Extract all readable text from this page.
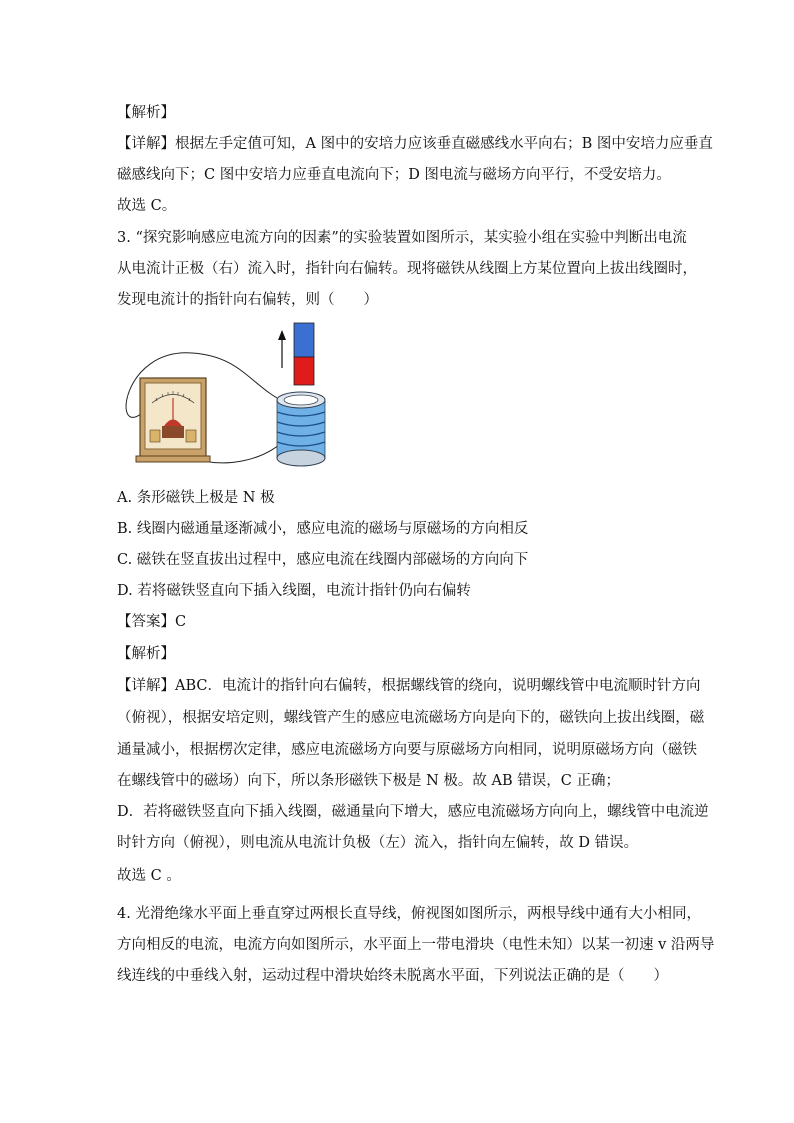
【解析】
【详解】根据左手定值可知，A 图中的安培力应该垂直磁感线水平向右；B 图中安培力应垂直
磁感线向下；C 图中安培力应垂直电流向下；D 图电流与磁场方向平行，不受安培力。
故选 C。
3. “探究影响感应电流方向的因素”的实验装置如图所示，某实验小组在实验中判断出电流
从电流计正极（右）流入时，指针向右偏转。现将磁铁从线圈上方某位置向上拔出线圈时，
发现电流计的指针向右偏转，则（　　）
A. 条形磁铁上极是 N 极
B. 线圈内磁通量逐渐减小，感应电流的磁场与原磁场的方向相反
C. 磁铁在竖直拔出过程中，感应电流在线圈内部磁场的方向向下
D. 若将磁铁竖直向下插入线圈，电流计指针仍向右偏转
【答案】C
【解析】
【详解】ABC．电流计的指针向右偏转，根据螺线管的绕向，说明螺线管中电流顺时针方向
（俯视），根据安培定则，螺线管产生的感应电流磁场方向是向下的，磁铁向上拔出线圈，磁
通量减小，根据楞次定律，感应电流磁场方向要与原磁场方向相同，说明原磁场方向（磁铁
在螺线管中的磁场）向下，所以条形磁铁下极是 N 极。故 AB 错误，C 正确；
D．若将磁铁竖直向下插入线圈，磁通量向下增大，感应电流磁场方向向上，螺线管中电流逆
时针方向（俯视），则电流从电流计负极（左）流入，指针向左偏转，故 D 错误。
故选 C 。
4. 光滑绝缘水平面上垂直穿过两根长直导线，俯视图如图所示，两根导线中通有大小相同，
方向相反的电流，电流方向如图所示，水平面上一带电滑块（电性未知）以某一初速 v 沿两导
线连线的中垂线入射，运动过程中滑块始终未脱离水平面，下列说法正确的是（　　）
